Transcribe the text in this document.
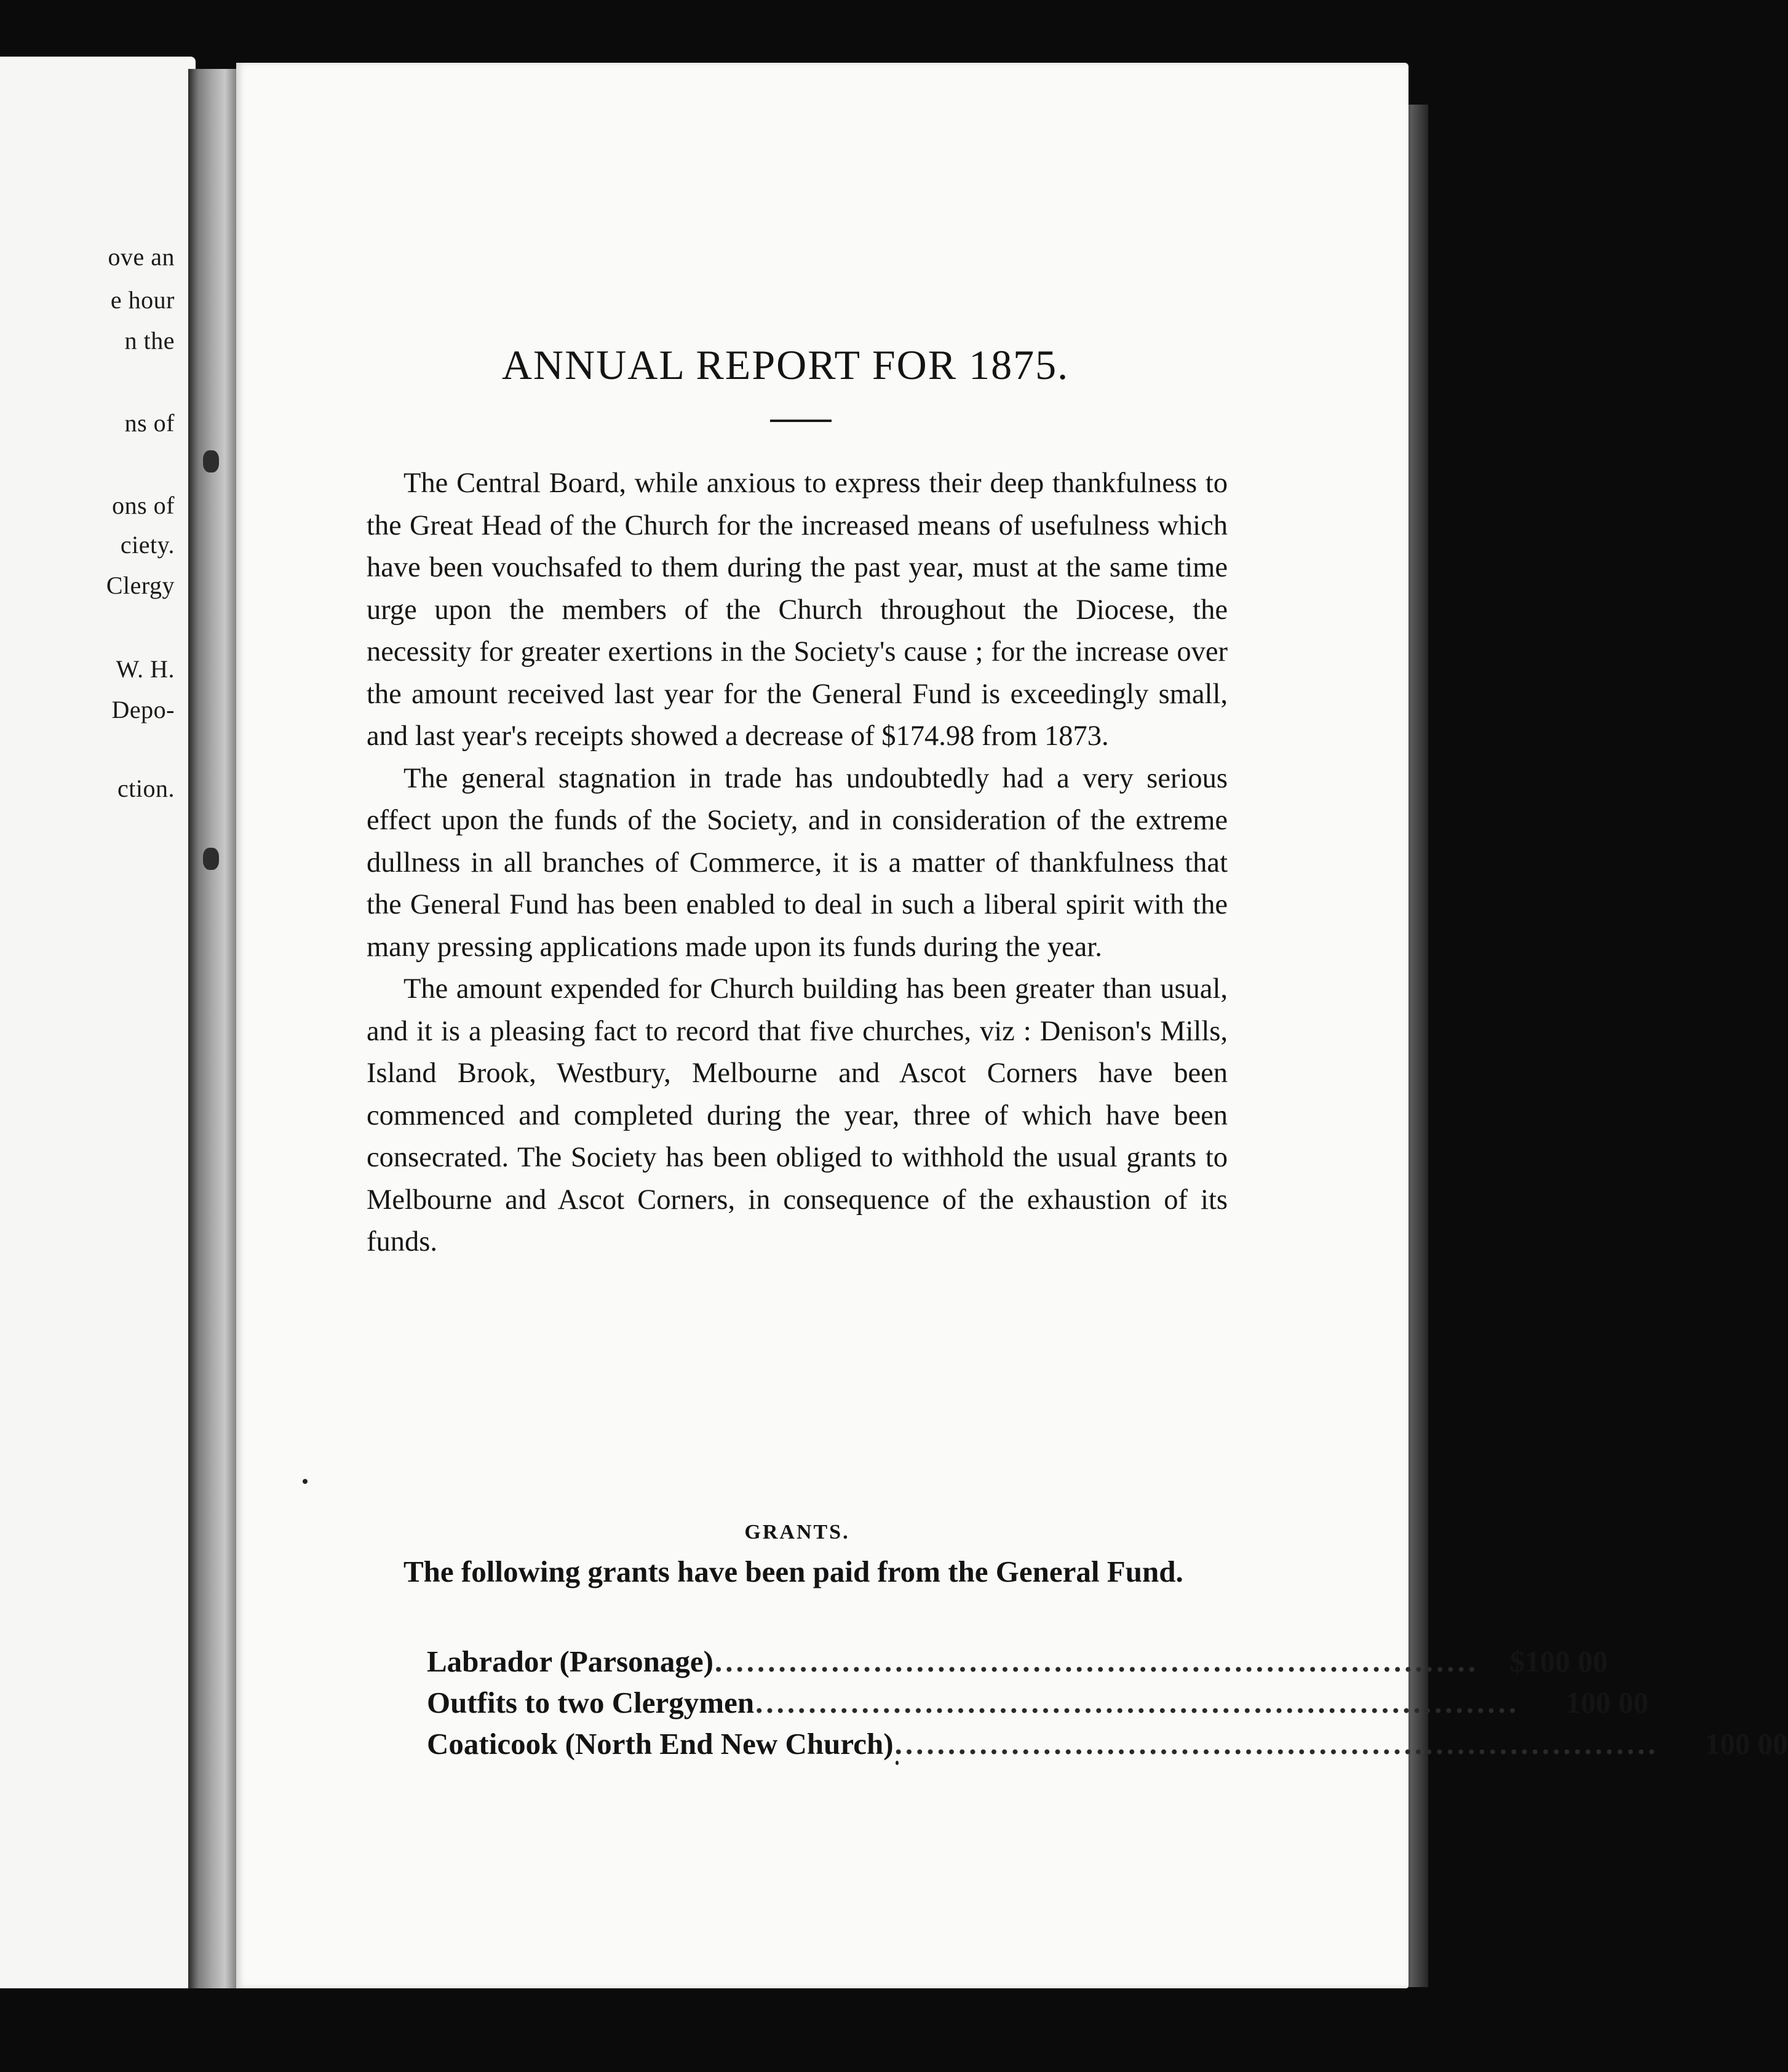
ove an
e hour
n the
ns of
ons of
ciety.
Clergy
W. H.
Depo-
ction.
ANNUAL REPORT FOR 1875.

The Central Board, while anxious to express their deep thankfulness to the Great Head of the Church for the increased means of usefulness which have been vouchsafed to them during the past year, must at the same time urge upon the members of the Church throughout the Diocese, the necessity for greater exertions in the Society's cause ; for the increase over the amount received last year for the General Fund is exceedingly small, and last year's receipts showed a decrease of $174.98 from 1873.

The general stagnation in trade has undoubtedly had a very serious effect upon the funds of the Society, and in consideration of the extreme dullness in all branches of Commerce, it is a matter of thankfulness that the General Fund has been enabled to deal in such a liberal spirit with the many pressing applications made upon its funds during the year.

The amount expended for Church building has been greater than usual, and it is a pleasing fact to record that five churches, viz : Denison's Mills, Island Brook, Westbury, Melbourne and Ascot Corners have been commenced and completed during the year, three of which have been consecrated. The Society has been obliged to withhold the usual grants to Melbourne and Ascot Corners, in consequence of the exhaustion of its funds.

GRANTS.

The following grants have been paid from the General Fund.

Labrador (Parsonage) ........................................................................	$100 00
Outfits to two Clergymen ........................................................................	100 00
Coaticook (North End New Church) ........................................................................	100 00
